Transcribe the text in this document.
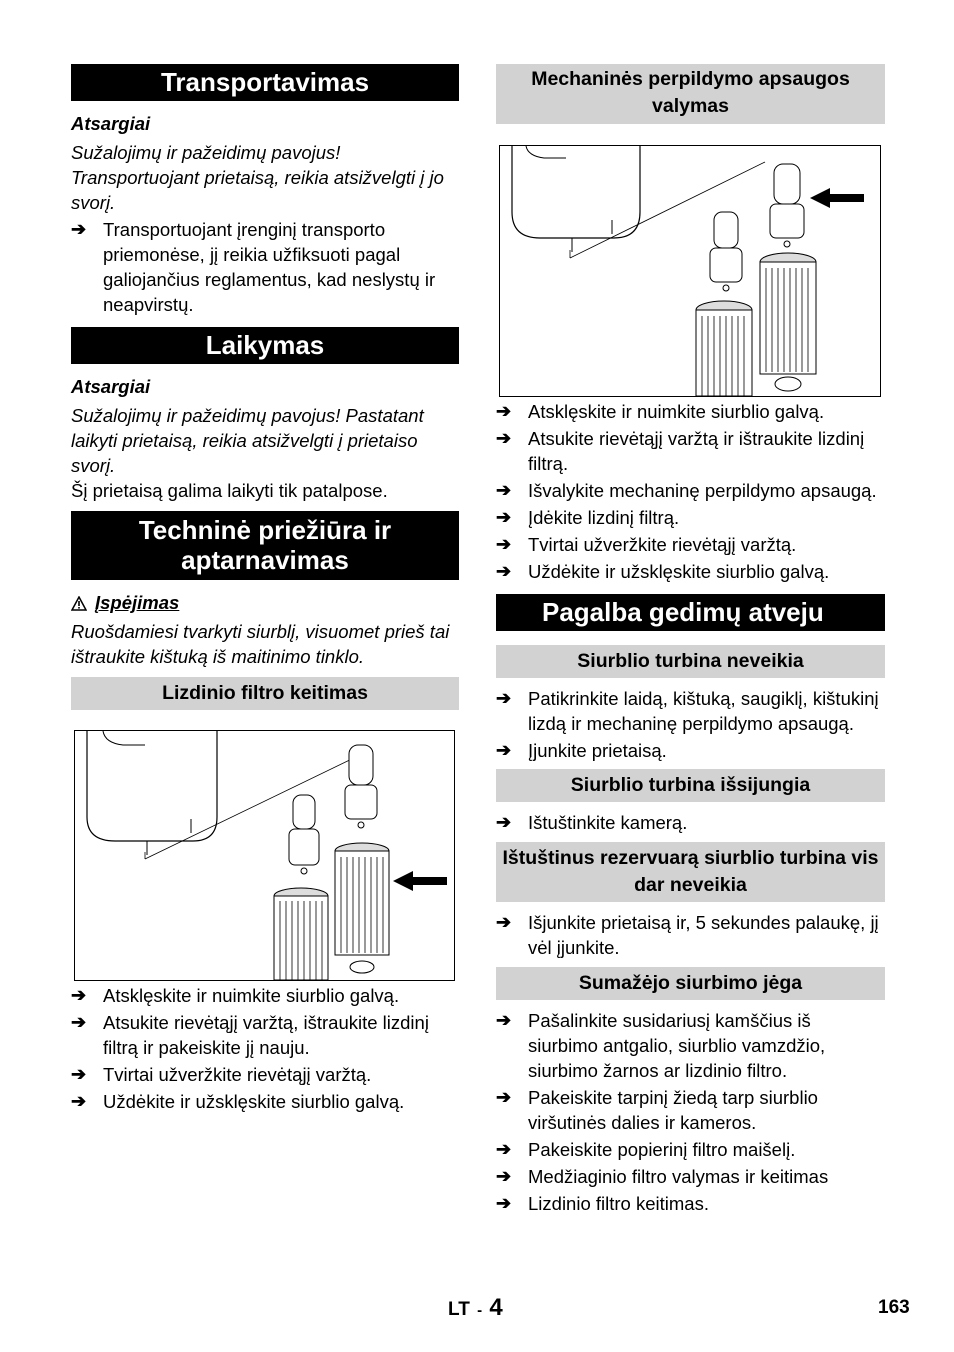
Transportavimas
Atsargiai
Sužalojimų ir pažeidimų pavojus! Transportuojant prietaisą, reikia atsižvelgti į jo svorį.
➔ Transportuojant įrenginį transporto priemonėse, jį reikia užfiksuoti pagal galiojančius reglamentus, kad neslystų ir neapvirstų.
Laikymas
Atsargiai
Sužalojimų ir pažeidimų pavojus! Pastatant laikyti prietaisą, reikia atsižvelgti į prietaiso svorį.
Šį prietaisą galima laikyti tik patalpose.
Techninė priežiūra ir aptarnavimas
Įspėjimas
Ruošdamiesi tvarkyti siurblį, visuomet prieš tai ištraukite kištuką iš maitinimo tinklo.
Lizdinio filtro keitimas
➔ Atsklęskite ir nuimkite siurblio galvą.
➔ Atsukite rievėtąjį varžtą, ištraukite lizdinį filtrą ir pakeiskite jį nauju.
➔ Tvirtai užveržkite rievėtąjį varžtą.
➔ Uždėkite ir užsklęskite siurblio galvą.
Mechaninės perpildymo apsaugos valymas
➔ Atsklęskite ir nuimkite siurblio galvą.
➔ Atsukite rievėtąjį varžtą ir ištraukite lizdinį filtrą.
➔ Išvalykite mechaninę perpildymo apsaugą.
➔ Įdėkite lizdinį filtrą.
➔ Tvirtai užveržkite rievėtąjį varžtą.
➔ Uždėkite ir užsklęskite siurblio galvą.
Pagalba gedimų atveju
Siurblio turbina neveikia
➔ Patikrinkite laidą, kištuką, saugiklį, kištukinį lizdą ir mechaninę perpildymo apsaugą.
➔ Įjunkite prietaisą.
Siurblio turbina išsijungia
➔ Ištuštinkite kamerą.
Ištuštinus rezervuarą siurblio turbina vis dar neveikia
➔ Išjunkite prietaisą ir, 5 sekundes palaukę, jį vėl įjunkite.
Sumažėjo siurbimo jėga
➔ Pašalinkite susidariusį kamščius iš siurbimo antgalio, siurblio vamzdžio, siurbimo žarnos ar lizdinio filtro.
➔ Pakeiskite tarpinį žiedą tarp siurblio viršutinės dalies ir kameros.
➔ Pakeiskite popierinį filtro maišelį.
➔ Medžiaginio filtro valymas ir keitimas
➔ Lizdinio filtro keitimas.
LT - 4	163
